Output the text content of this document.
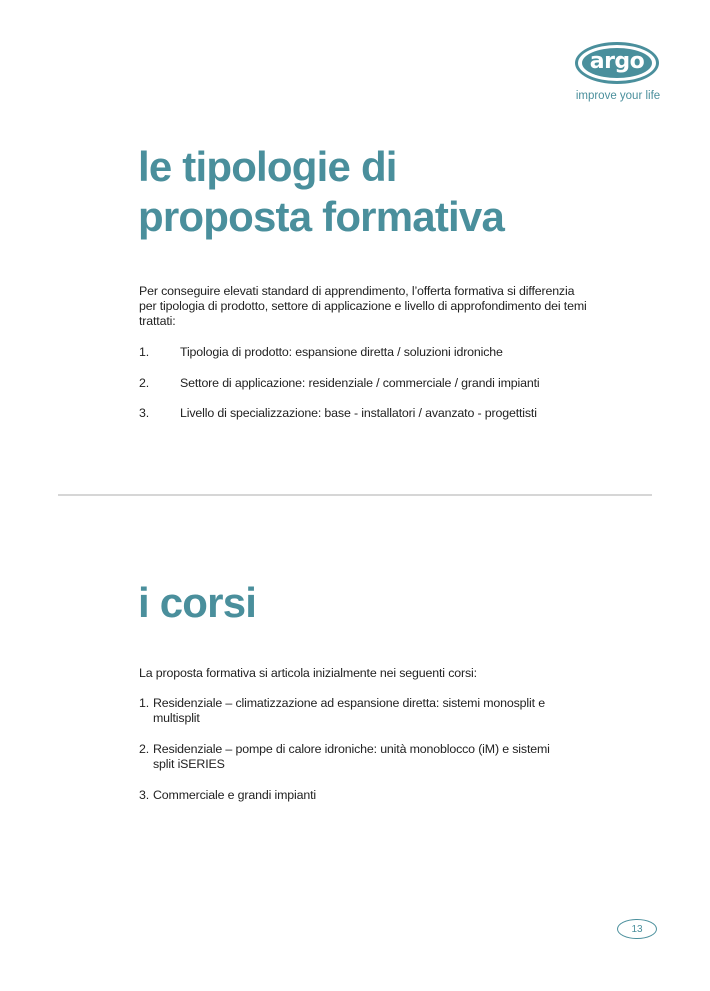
argo
improve your life
le tipologie di
proposta formativa

Per conseguire elevati standard di apprendimento, l’offerta formativa si differenzia per tipologia di prodotto, settore di applicazione e livello di approfondimento dei temi trattati:

1. Tipologia di prodotto: espansione diretta / soluzioni idroniche
2. Settore di applicazione: residenziale / commerciale / grandi impianti
3. Livello di specializzazione: base - installatori / avanzato - progettisti
i corsi

La proposta formativa si articola inizialmente nei seguenti corsi:

1. Residenziale – climatizzazione ad espansione diretta: sistemi monosplit e multisplit
2. Residenziale – pompe di calore idroniche: unità monoblocco (iM) e sistemi split iSERIES
3. Commerciale e grandi impianti
13
